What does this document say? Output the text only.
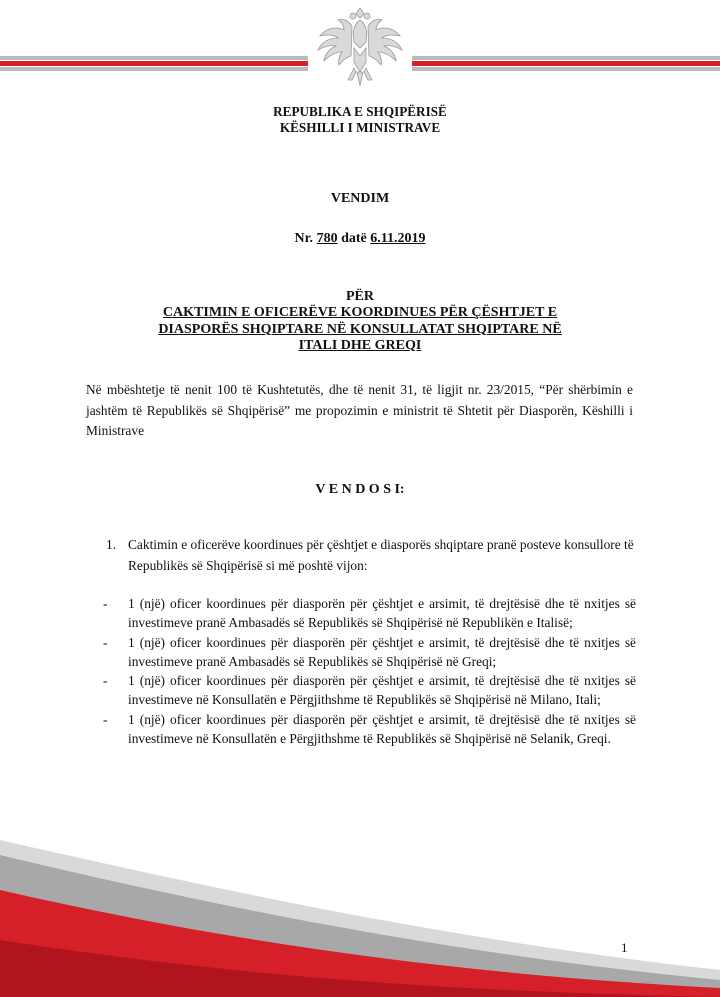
REPUBLIKA E SHQIPËRISË
KËSHILLI I MINISTRAVE
VENDIM
Nr. 780 datë 6.11.2019
PËR
CAKTIMIN E OFICERËVE KOORDINUES PËR ÇËSHTJET E
DIASPORËS SHQIPTARE NË KONSULLATAT SHQIPTARE NË
ITALI DHE GREQI
Në mbështetje të nenit 100 të Kushtetutës, dhe të nenit 31, të ligjit nr. 23/2015, “Për shërbimin e jashtëm të Republikës së Shqipërisë” me propozimin e ministrit të Shtetit për Diasporën, Këshilli i Ministrave
V E N D O S I:
1. Caktimin e oficerëve koordinues për çështjet e diasporës shqiptare pranë posteve konsullore të Republikës së Shqipërisë si më poshtë vijon:
- 1 (një) oficer koordinues për diasporën për çështjet e arsimit, të drejtësisë dhe të nxitjes së investimeve pranë Ambasadës së Republikës së Shqipërisë në Republikën e Italisë;
- 1 (një) oficer koordinues për diasporën për çështjet e arsimit, të drejtësisë dhe të nxitjes së investimeve pranë Ambasadës së Republikës së Shqipërisë në Greqi;
- 1 (një) oficer koordinues për diasporën për çështjet e arsimit, të drejtësisë dhe të nxitjes së investimeve në Konsullatën e Përgjithshme të Republikës së Shqipërisë në Milano, Itali;
- 1 (një) oficer koordinues për diasporën për çështjet e arsimit, të drejtësisë dhe të nxitjes së investimeve në Konsullatën e Përgjithshme të Republikës së Shqipërisë në Selanik, Greqi.
1
